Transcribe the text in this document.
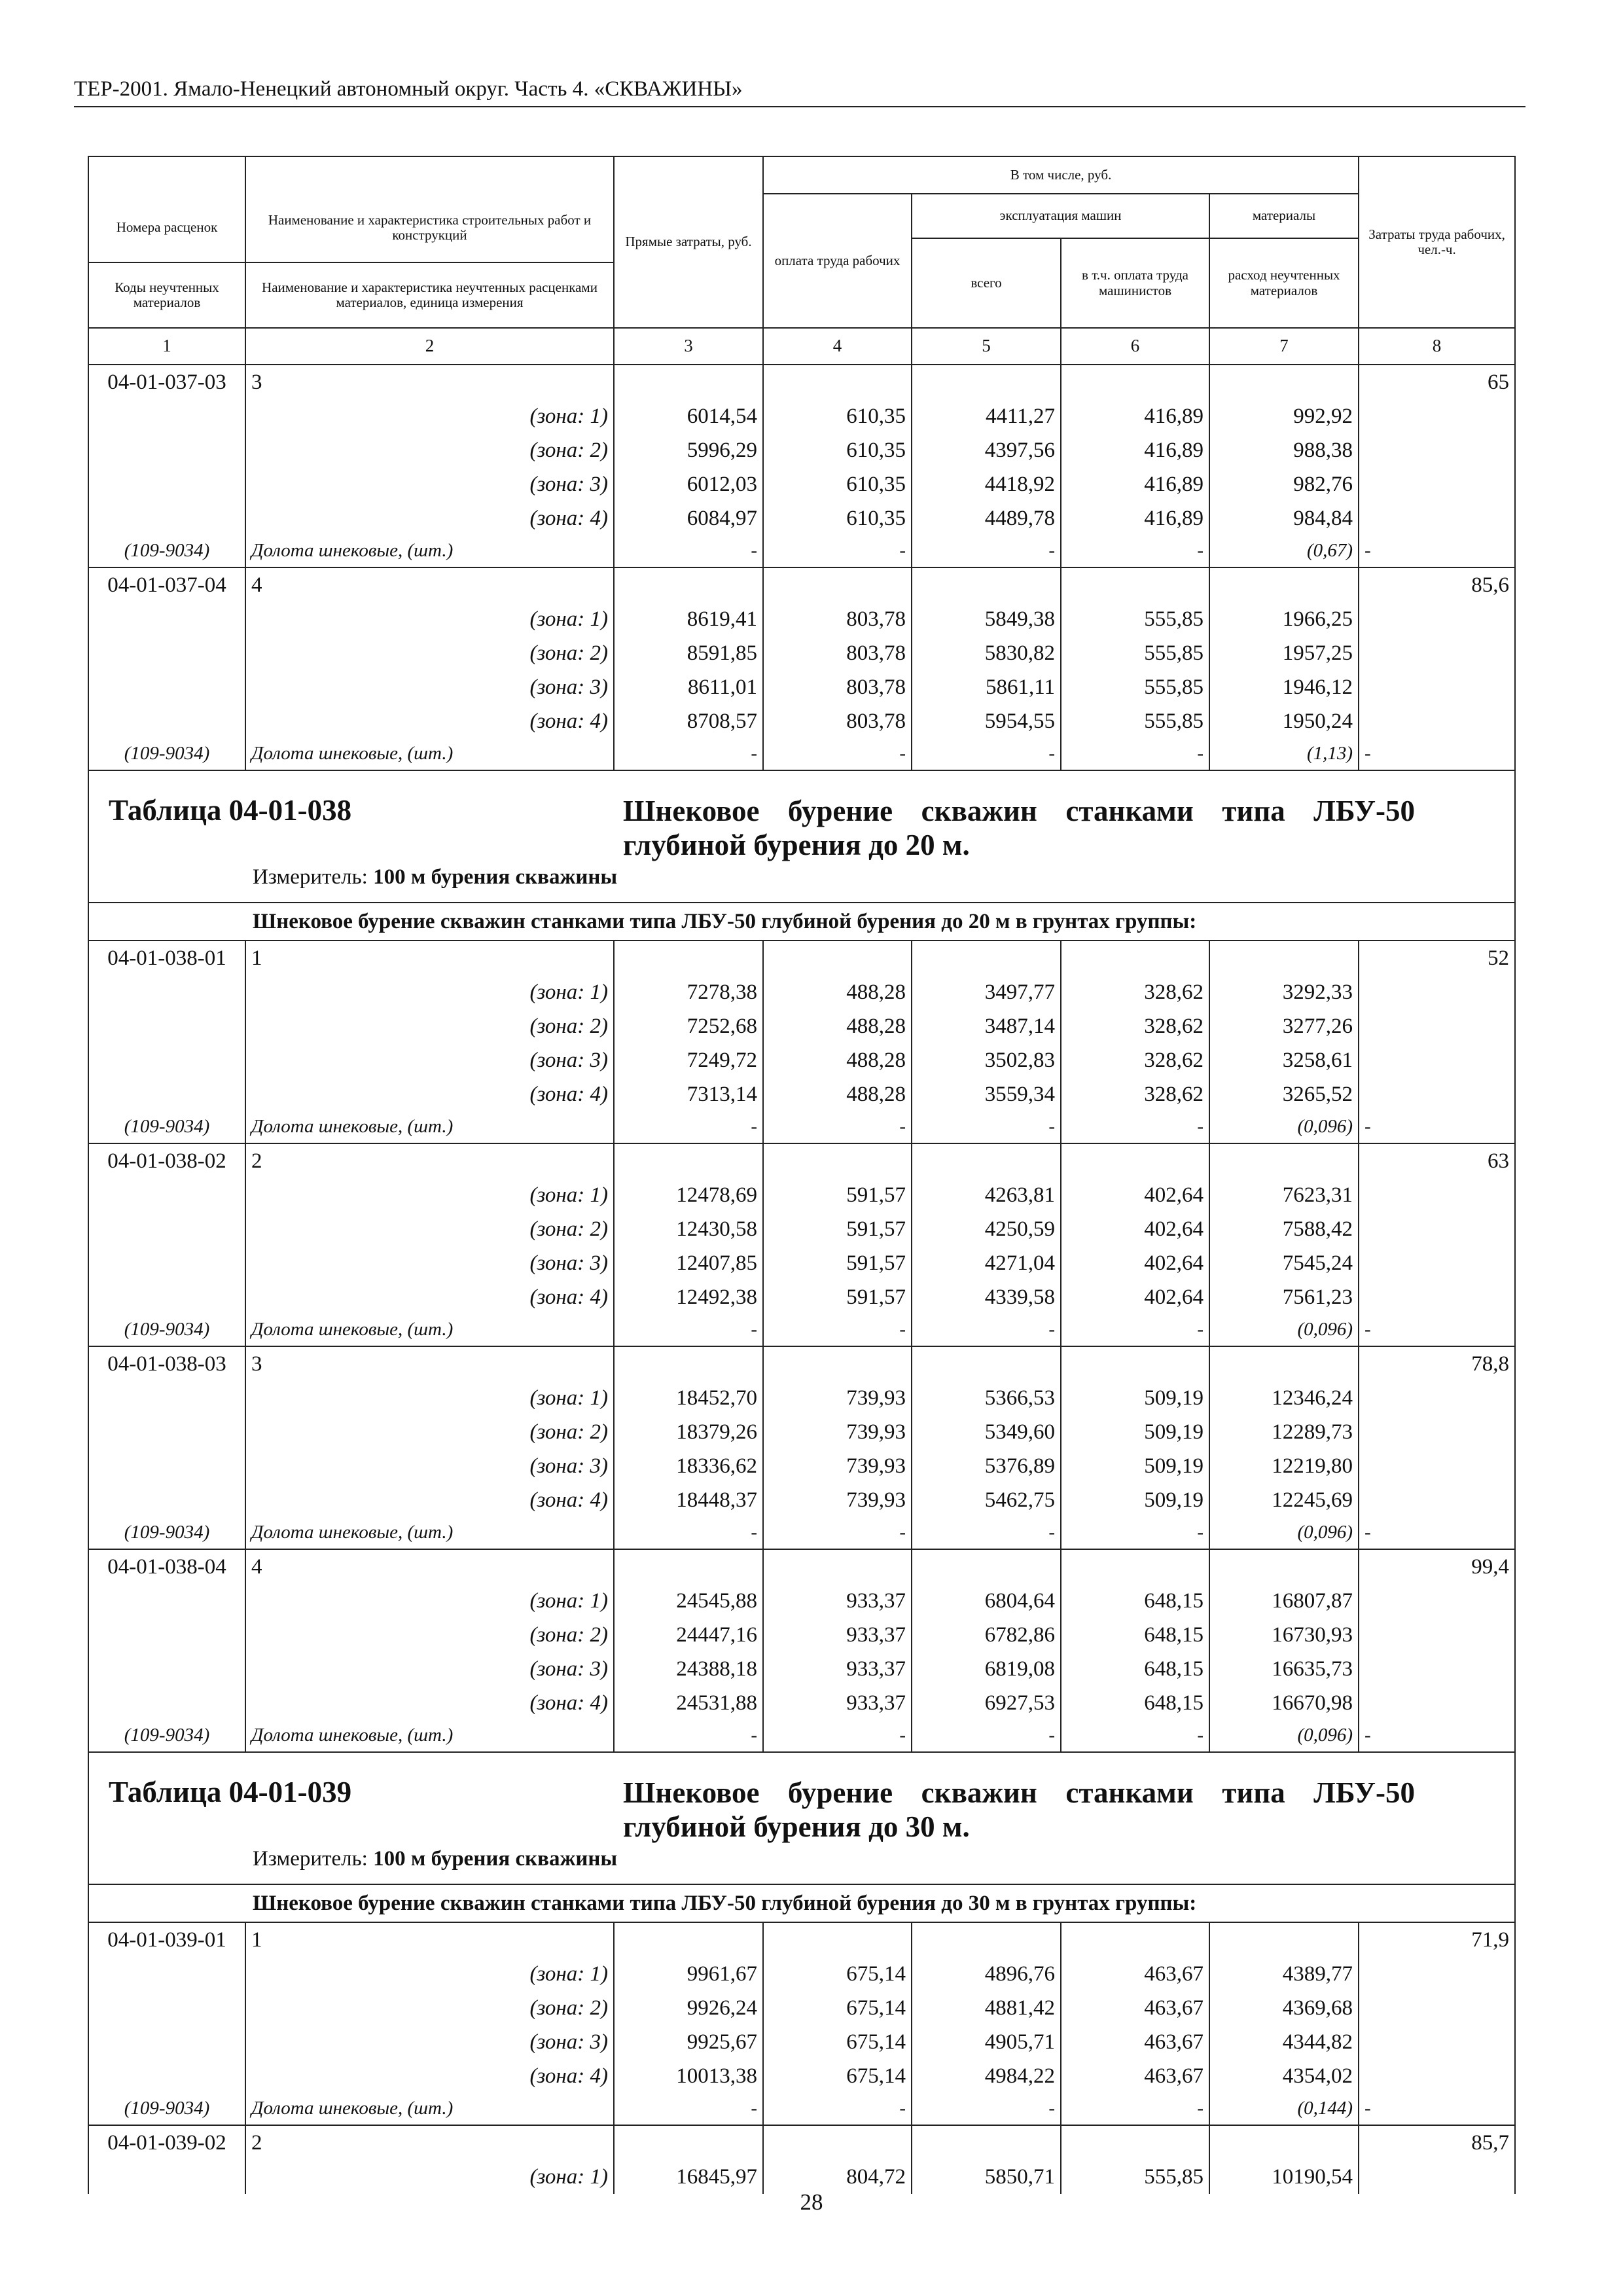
ТЕР-2001. Ямало-Ненецкий автономный округ. Часть 4. «СКВАЖИНЫ»
		Прямые затраты, руб.	В том числе, руб.				Затраты труда рабочих, чел.-ч.
Номера расценок	Наименование и характеристика строительных работ и конструкций		оплата труда рабочих	эксплуатация машин		материалы	
				всего	в т.ч. оплата труда машинистов	расход неучтенных материалов	
Коды неучтенных материалов	Наименование и характеристика неучтенных расценками материалов, единица измерения						
1	2	3	4	5	6	7	8
04-01-037-03	3						65
	(зона: 1)	6014,54	610,35	4411,27	416,89	992,92	
	(зона: 2)	5996,29	610,35	4397,56	416,89	988,38	
	(зона: 3)	6012,03	610,35	4418,92	416,89	982,76	
	(зона: 4)	6084,97	610,35	4489,78	416,89	984,84	
(109-9034)	Долота шнековые, (шт.)	-	-	-	-	(0,67)	-
04-01-037-04	4						85,6
	(зона: 1)	8619,41	803,78	5849,38	555,85	1966,25	
	(зона: 2)	8591,85	803,78	5830,82	555,85	1957,25	
	(зона: 3)	8611,01	803,78	5861,11	555,85	1946,12	
	(зона: 4)	8708,57	803,78	5954,55	555,85	1950,24	
(109-9034)	Долота шнековые, (шт.)	-	-	-	-	(1,13)	-

Таблица 04-01-038 Шнековое бурение скважин станками типа ЛБУ-50 глубиной бурения до 20 м.
Измеритель: 100 м бурения скважины							

Шнековое бурение скважин станками типа ЛБУ-50 глубиной бурения до 20 м в грунтах группы:							
04-01-038-01	1						52
	(зона: 1)	7278,38	488,28	3497,77	328,62	3292,33	
	(зона: 2)	7252,68	488,28	3487,14	328,62	3277,26	
	(зона: 3)	7249,72	488,28	3502,83	328,62	3258,61	
	(зона: 4)	7313,14	488,28	3559,34	328,62	3265,52	
(109-9034)	Долота шнековые, (шт.)	-	-	-	-	(0,096)	-
04-01-038-02	2						63
	(зона: 1)	12478,69	591,57	4263,81	402,64	7623,31	
	(зона: 2)	12430,58	591,57	4250,59	402,64	7588,42	
	(зона: 3)	12407,85	591,57	4271,04	402,64	7545,24	
	(зона: 4)	12492,38	591,57	4339,58	402,64	7561,23	
(109-9034)	Долота шнековые, (шт.)	-	-	-	-	(0,096)	-
04-01-038-03	3						78,8
	(зона: 1)	18452,70	739,93	5366,53	509,19	12346,24	
	(зона: 2)	18379,26	739,93	5349,60	509,19	12289,73	
	(зона: 3)	18336,62	739,93	5376,89	509,19	12219,80	
	(зона: 4)	18448,37	739,93	5462,75	509,19	12245,69	
(109-9034)	Долота шнековые, (шт.)	-	-	-	-	(0,096)	-
04-01-038-04	4						99,4
	(зона: 1)	24545,88	933,37	6804,64	648,15	16807,87	
	(зона: 2)	24447,16	933,37	6782,86	648,15	16730,93	
	(зона: 3)	24388,18	933,37	6819,08	648,15	16635,73	
	(зона: 4)	24531,88	933,37	6927,53	648,15	16670,98	
(109-9034)	Долота шнековые, (шт.)	-	-	-	-	(0,096)	-

Таблица 04-01-039 Шнековое бурение скважин станками типа ЛБУ-50 глубиной бурения до 30 м.
Измеритель: 100 м бурения скважины							

Шнековое бурение скважин станками типа ЛБУ-50 глубиной бурения до 30 м в грунтах группы:							
04-01-039-01	1						71,9
	(зона: 1)	9961,67	675,14	4896,76	463,67	4389,77	
	(зона: 2)	9926,24	675,14	4881,42	463,67	4369,68	
	(зона: 3)	9925,67	675,14	4905,71	463,67	4344,82	
	(зона: 4)	10013,38	675,14	4984,22	463,67	4354,02	
(109-9034)	Долота шнековые, (шт.)	-	-	-	-	(0,144)	-
04-01-039-02	2						85,7
	(зона: 1)	16845,97	804,72	5850,71	555,85	10190,54	
28
